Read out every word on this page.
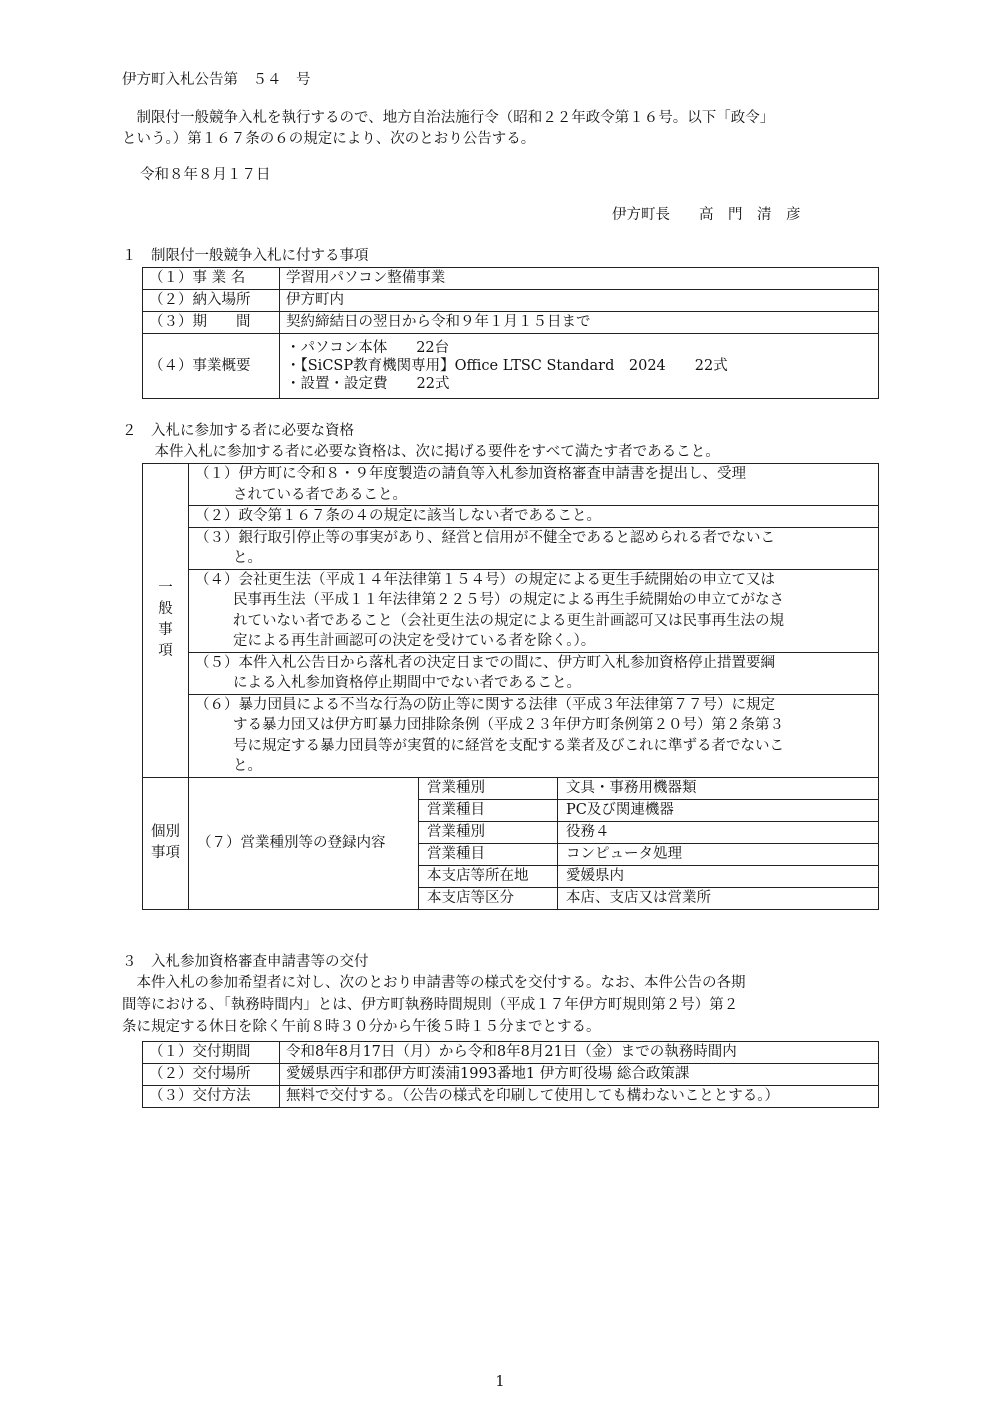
伊方町入札公告第　５４　号
　制限付一般競争入札を執行するので、地方自治法施行令（昭和２２年政令第１６号。以下「政令」
という。）第１６７条の６の規定により、次のとおり公告する。
令和８年８月１７日
伊方町長　　高　門　清　彦
１　制限付一般競争入札に付する事項
（１）事 業 名	学習用パソコン整備事業
（２）納入場所	伊方町内
（３）期　　間	契約締結日の翌日から令和９年１月１５日まで
（４）事業概要	・パソコン本体　　22台
・【SiCSP教育機関専用】Office LTSC Standard　2024　　22式
・設置・設定費　　22式
２　入札に参加する者に必要な資格
　本件入札に参加する者に必要な資格は、次に掲げる要件をすべて満たす者であること。
一般事項	（１）伊方町に令和８・９年度製造の請負等入札参加資格審査申請書を提出し、受理
されている者であること。		

	（２）政令第１６７条の４の規定に該当しない者であること。		
	（３）銀行取引停止等の事実があり、経営と信用が不健全であると認められる者でないこ
と。		

	（４）会社更生法（平成１４年法律第１５４号）の規定による更生手続開始の申立て又は
民事再生法（平成１１年法律第２２５号）の規定による再生手続開始の申立てがなさ
れていない者であること（会社更生法の規定による更生計画認可又は民事再生法の規
定による再生計画認可の決定を受けている者を除く。）。		

	（５）本件入札公告日から落札者の決定日までの間に、伊方町入札参加資格停止措置要綱
による入札参加資格停止期間中でない者であること。		

	（６）暴力団員による不当な行為の防止等に関する法律（平成３年法律第７７号）に規定
する暴力団又は伊方町暴力団排除条例（平成２３年伊方町条例第２０号）第２条第３
号に規定する暴力団員等が実質的に経営を支配する業者及びこれに準ずる者でないこ
と。		

個別事項	（７）営業種別等の登録内容	営業種別	文具・事務用機器類
		営業種目	PC及び関連機器
		営業種別	役務４
		営業種目	コンピュータ処理
		本支店等所在地	愛媛県内
		本支店等区分	本店、支店又は営業所
３　入札参加資格審査申請書等の交付
　本件入札の参加希望者に対し、次のとおり申請書等の様式を交付する。なお、本件公告の各期
間等における、「執務時間内」とは、伊方町執務時間規則（平成１７年伊方町規則第２号）第２
条に規定する休日を除く午前８時３０分から午後５時１５分までとする。
（１）交付期間	令和8年8月17日（月）から令和8年8月21日（金）までの執務時間内
（２）交付場所	愛媛県西宇和郡伊方町湊浦1993番地1 伊方町役場 総合政策課
（３）交付方法	無料で交付する。（公告の様式を印刷して使用しても構わないこととする。）
1
